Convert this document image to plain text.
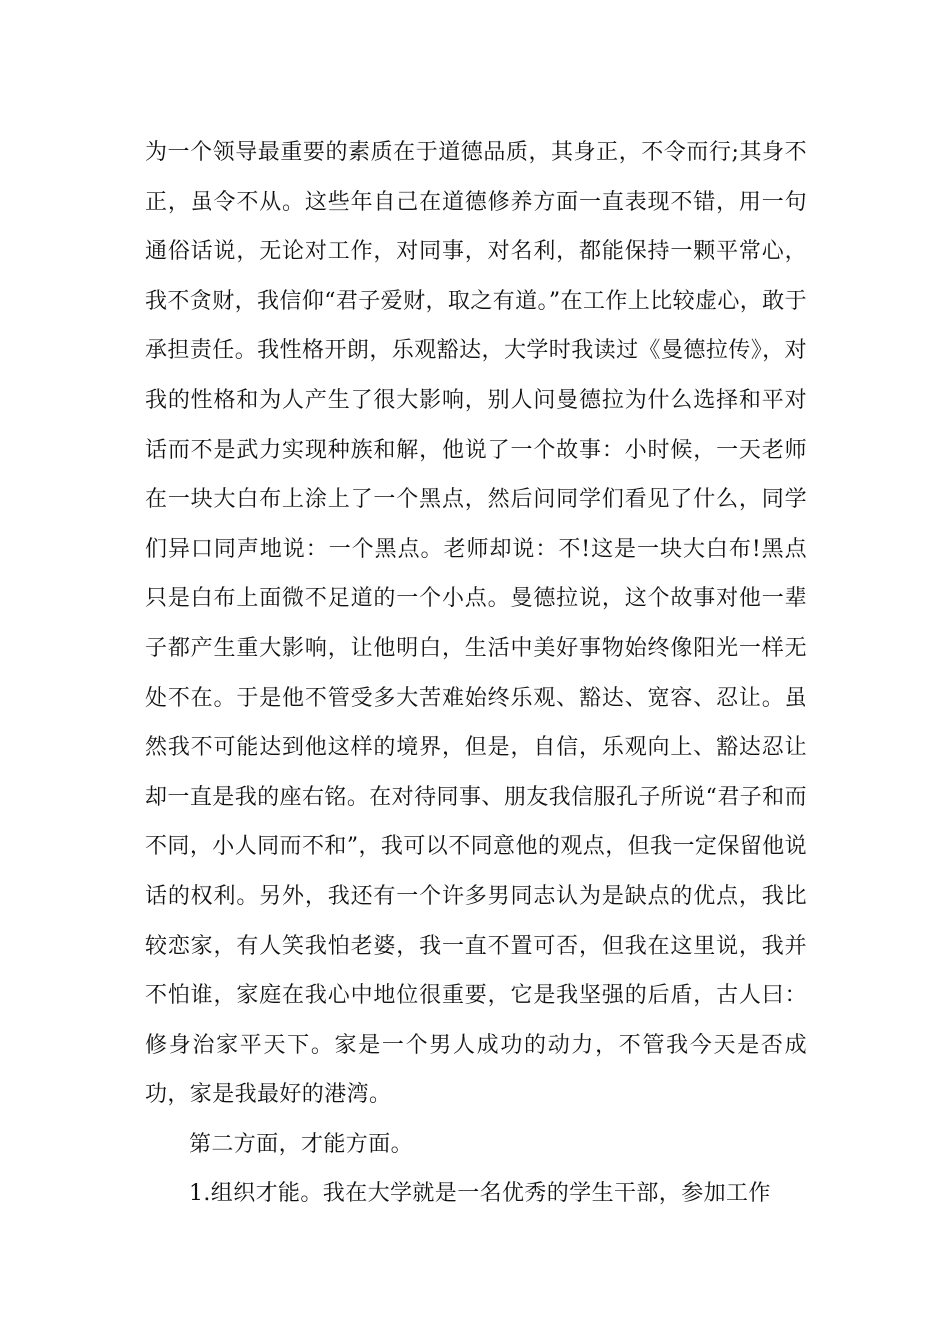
为一个领导最重要的素质在于道德品质，其身正，不令而行;其身不正，虽令不从。这些年自己在道德修养方面一直表现不错，用一句通俗话说，无论对工作，对同事，对名利，都能保持一颗平常心，我不贪财，我信仰“君子爱财，取之有道。”在工作上比较虚心，敢于承担责任。我性格开朗，乐观豁达，大学时我读过《曼德拉传》，对我的性格和为人产生了很大影响，别人问曼德拉为什么选择和平对话而不是武力实现种族和解，他说了一个故事：小时候，一天老师在一块大白布上涂上了一个黑点，然后问同学们看见了什么，同学们异口同声地说：一个黑点。老师却说：不!这是一块大白布!黑点只是白布上面微不足道的一个小点。曼德拉说，这个故事对他一辈子都产生重大影响，让他明白，生活中美好事物始终像阳光一样无处不在。于是他不管受多大苦难始终乐观、豁达、宽容、忍让。虽然我不可能达到他这样的境界，但是，自信，乐观向上、豁达忍让却一直是我的座右铭。在对待同事、朋友我信服孔子所说“君子和而不同，小人同而不和”，我可以不同意他的观点，但我一定保留他说话的权利。另外，我还有一个许多男同志认为是缺点的优点，我比较恋家，有人笑我怕老婆，我一直不置可否，但我在这里说，我并不怕谁，家庭在我心中地位很重要，它是我坚强的后盾，古人曰：修身治家平天下。家是一个男人成功的动力，不管我今天是否成功，家是我最好的港湾。

第二方面，才能方面。

1.组织才能。我在大学就是一名优秀的学生干部，参加工作
